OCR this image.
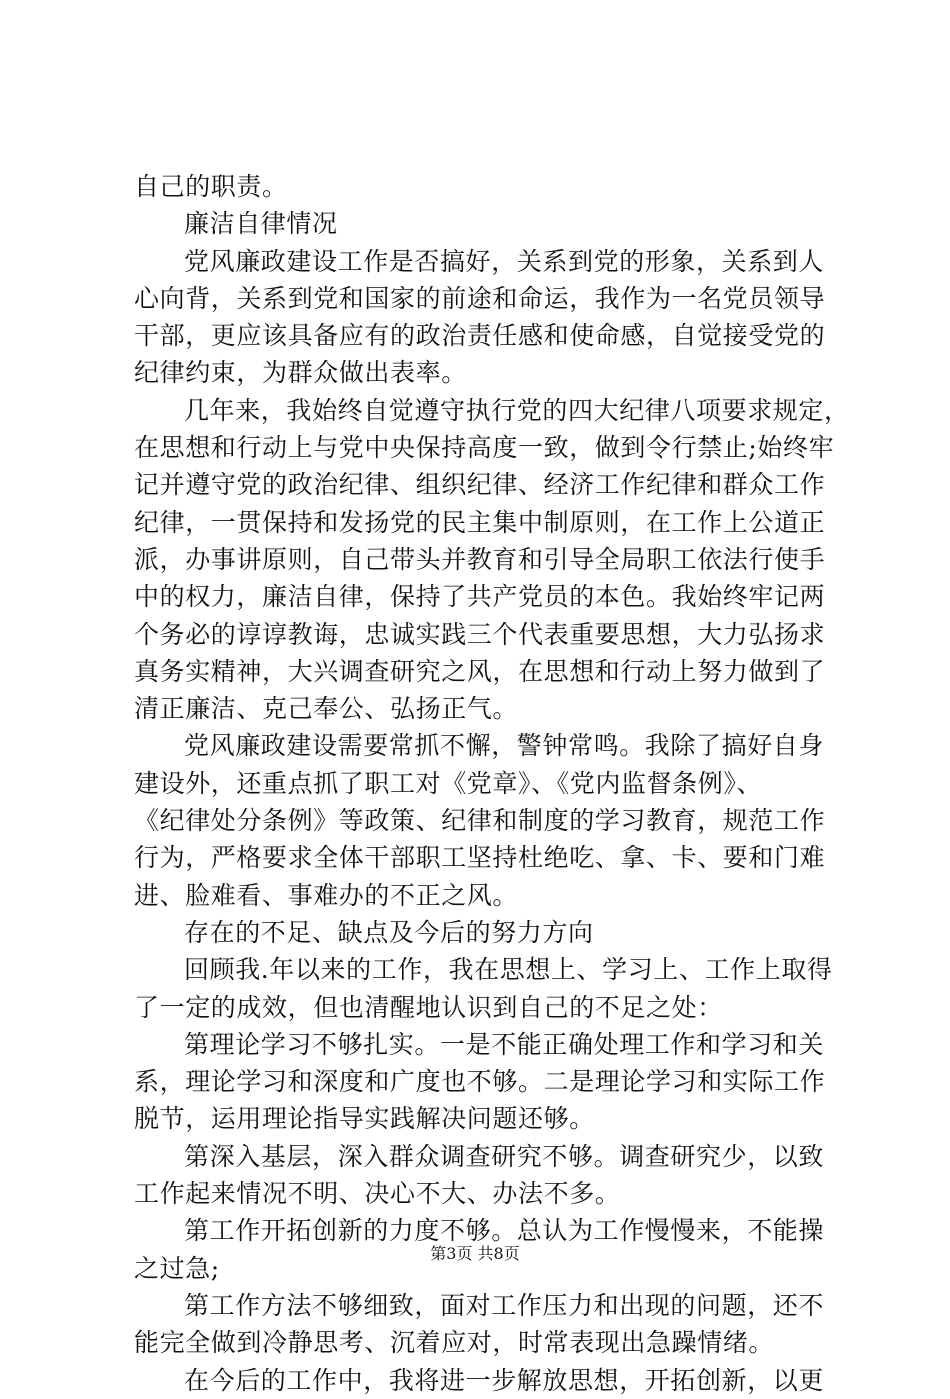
自己的职责。
廉洁自律情况
党风廉政建设工作是否搞好，关系到党的形象，关系到人
心向背，关系到党和国家的前途和命运，我作为一名党员领导
干部，更应该具备应有的政治责任感和使命感，自觉接受党的
纪律约束，为群众做出表率。
几年来，我始终自觉遵守执行党的四大纪律八项要求规定，
在思想和行动上与党中央保持高度一致，做到令行禁止;始终牢
记并遵守党的政治纪律、组织纪律、经济工作纪律和群众工作
纪律，一贯保持和发扬党的民主集中制原则，在工作上公道正
派，办事讲原则，自己带头并教育和引导全局职工依法行使手
中的权力，廉洁自律，保持了共产党员的本色。我始终牢记两
个务必的谆谆教诲，忠诚实践三个代表重要思想，大力弘扬求
真务实精神，大兴调查研究之风，在思想和行动上努力做到了
清正廉洁、克己奉公、弘扬正气。
党风廉政建设需要常抓不懈，警钟常鸣。我除了搞好自身
建设外，还重点抓了职工对《党章》、《党内监督条例》、
《纪律处分条例》等政策、纪律和制度的学习教育，规范工作
行为，严格要求全体干部职工坚持杜绝吃、拿、卡、要和门难
进、脸难看、事难办的不正之风。
存在的不足、缺点及今后的努力方向
回顾我.年以来的工作，我在思想上、学习上、工作上取得
了一定的成效，但也清醒地认识到自己的不足之处：
第理论学习不够扎实。一是不能正确处理工作和学习和关
系，理论学习和深度和广度也不够。二是理论学习和实际工作
脱节，运用理论指导实践解决问题还够。
第深入基层，深入群众调查研究不够。调查研究少，以致
工作起来情况不明、决心不大、办法不多。
第工作开拓创新的力度不够。总认为工作慢慢来，不能操
之过急;
第工作方法不够细致，面对工作压力和出现的问题，还不
能完全做到冷静思考、沉着应对，时常表现出急躁情绪。
在今后的工作中，我将进一步解放思想，开拓创新，以更
第3页 共8页
